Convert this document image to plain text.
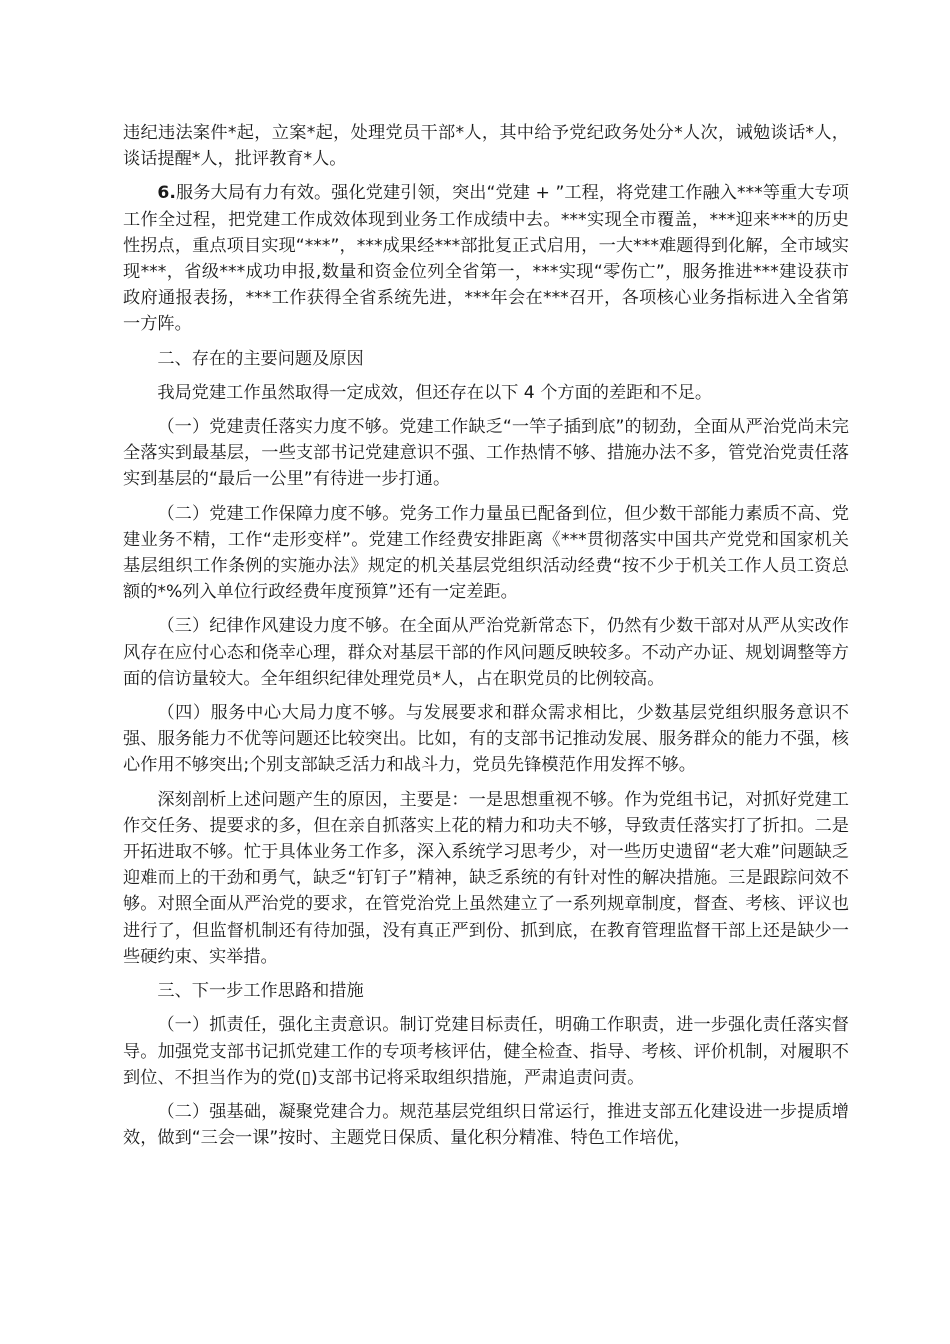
违纪违法案件*起，立案*起，处理党员干部*人，其中给予党纪政务处分*人次，诫勉谈话*人，谈话提醒*人，批评教育*人。

6.服务大局有力有效。强化党建引领，突出“党建 + ”工程，将党建工作融入***等重大专项工作全过程，把党建工作成效体现到业务工作成绩中去。***实现全市覆盖，***迎来***的历史性拐点，重点项目实现“***”，***成果经***部批复正式启用，一大***难题得到化解，全市域实现***，省级***成功申报,数量和资金位列全省第一，***实现“零伤亡”，服务推进***建设获市政府通报表扬，***工作获得全省系统先进，***年会在***召开，各项核心业务指标进入全省第一方阵。

二、存在的主要问题及原因

我局党建工作虽然取得一定成效，但还存在以下 4 个方面的差距和不足。

（一）党建责任落实力度不够。党建工作缺乏“一竿子插到底”的韧劲，全面从严治党尚未完全落实到最基层，一些支部书记党建意识不强、工作热情不够、措施办法不多，管党治党责任落实到基层的“最后一公里”有待进一步打通。

（二）党建工作保障力度不够。党务工作力量虽已配备到位，但少数干部能力素质不高、党建业务不精，工作“走形变样”。党建工作经费安排距离《***贯彻落实中国共产党党和国家机关基层组织工作条例的实施办法》规定的机关基层党组织活动经费“按不少于机关工作人员工资总额的*%列入单位行政经费年度预算”还有一定差距。

（三）纪律作风建设力度不够。在全面从严治党新常态下，仍然有少数干部对从严从实改作风存在应付心态和侥幸心理，群众对基层干部的作风问题反映较多。不动产办证、规划调整等方面的信访量较大。全年组织纪律处理党员*人，占在职党员的比例较高。

（四）服务中心大局力度不够。与发展要求和群众需求相比，少数基层党组织服务意识不强、服务能力不优等问题还比较突出。比如，有的支部书记推动发展、服务群众的能力不强，核心作用不够突出;个别支部缺乏活力和战斗力，党员先锋模范作用发挥不够。

深刻剖析上述问题产生的原因，主要是：一是思想重视不够。作为党组书记，对抓好党建工作交任务、提要求的多，但在亲自抓落实上花的精力和功夫不够，导致责任落实打了折扣。二是开拓进取不够。忙于具体业务工作多，深入系统学习思考少，对一些历史遗留“老大难”问题缺乏迎难而上的干劲和勇气，缺乏“钉钉子”精神，缺乏系统的有针对性的解决措施。三是跟踪问效不够。对照全面从严治党的要求，在管党治党上虽然建立了一系列规章制度，督查、考核、评议也进行了，但监督机制还有待加强，没有真正严到份、抓到底，在教育管理监督干部上还是缺少一些硬约束、实举措。

三、下一步工作思路和措施

（一）抓责任，强化主责意识。制订党建目标责任，明确工作职责，进一步强化责任落实督导。加强党支部书记抓党建工作的专项考核评估，健全检查、指导、考核、评价机制，对履职不到位、不担当作为的党(▯)支部书记将采取组织措施，严肃追责问责。

（二）强基础，凝聚党建合力。规范基层党组织日常运行，推进支部五化建设进一步提质增效，做到“三会一课”按时、主题党日保质、量化积分精准、特色工作培优，
